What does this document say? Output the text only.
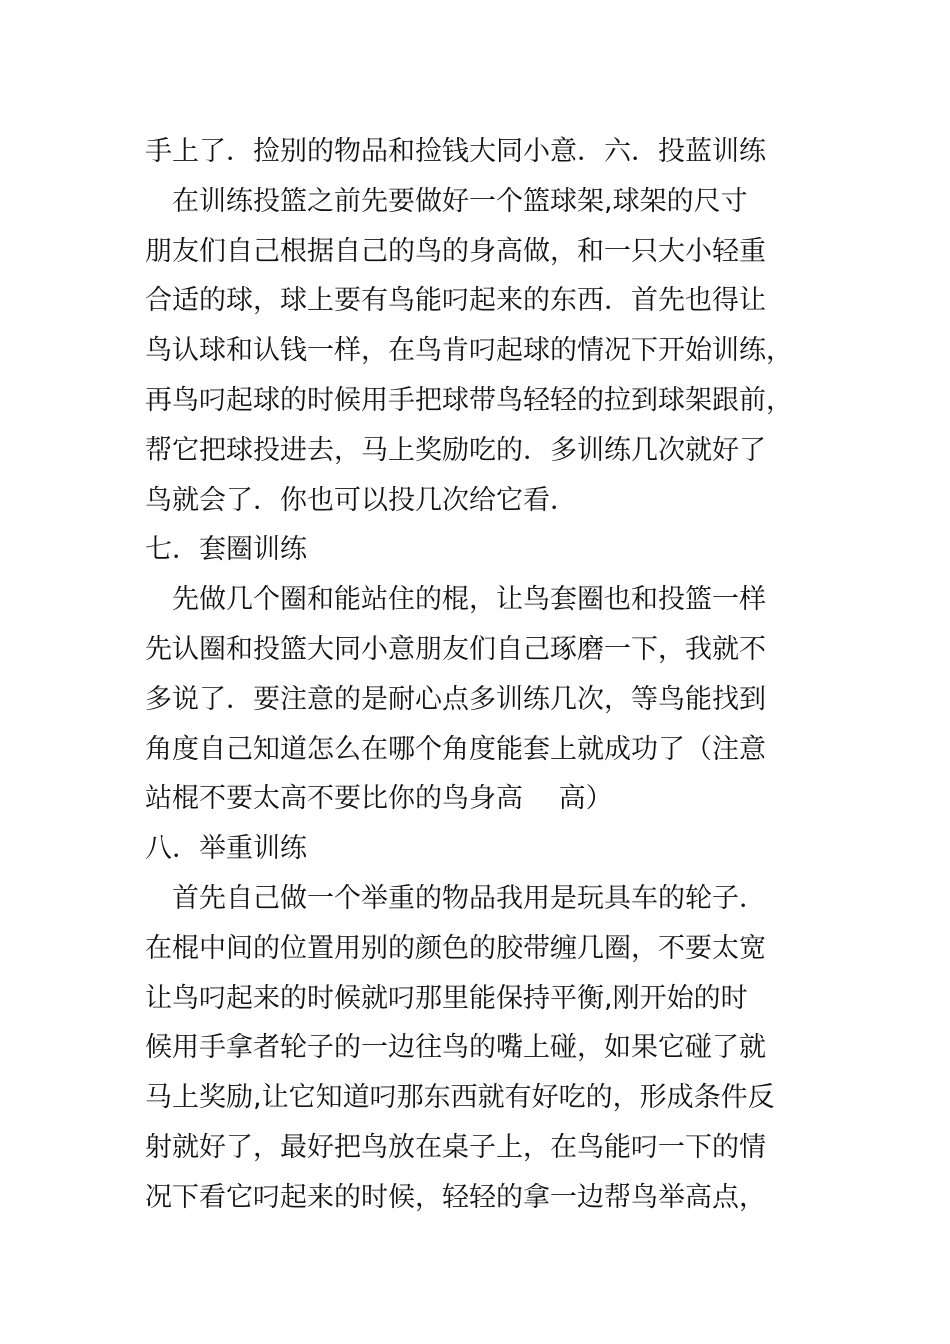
手上了．捡别的物品和捡钱大同小意．六．投蓝训练
　在训练投篮之前先要做好一个篮球架,球架的尺寸
朋友们自己根据自己的鸟的身高做，和一只大小轻重
合适的球，球上要有鸟能叼起来的东西．首先也得让
鸟认球和认钱一样，在鸟肯叼起球的情况下开始训练，
再鸟叼起球的时候用手把球带鸟轻轻的拉到球架跟前，
帮它把球投进去，马上奖励吃的．多训练几次就好了
鸟就会了．你也可以投几次给它看．
七．套圈训练
　先做几个圈和能站住的棍，让鸟套圈也和投篮一样
先认圈和投篮大同小意朋友们自己琢磨一下，我就不
多说了．要注意的是耐心点多训练几次，等鸟能找到
角度自己知道怎么在哪个角度能套上就成功了（注意
站棍不要太高不要比你的鸟身高　 高）
八．举重训练
　首先自己做一个举重的物品我用是玩具车的轮子．
在棍中间的位置用别的颜色的胶带缠几圈，不要太宽
让鸟叼起来的时候就叼那里能保持平衡,刚开始的时
候用手拿者轮子的一边往鸟的嘴上碰，如果它碰了就
马上奖励,让它知道叼那东西就有好吃的，形成条件反
射就好了，最好把鸟放在桌子上，在鸟能叼一下的情
况下看它叼起来的时候，轻轻的拿一边帮鸟举高点，
